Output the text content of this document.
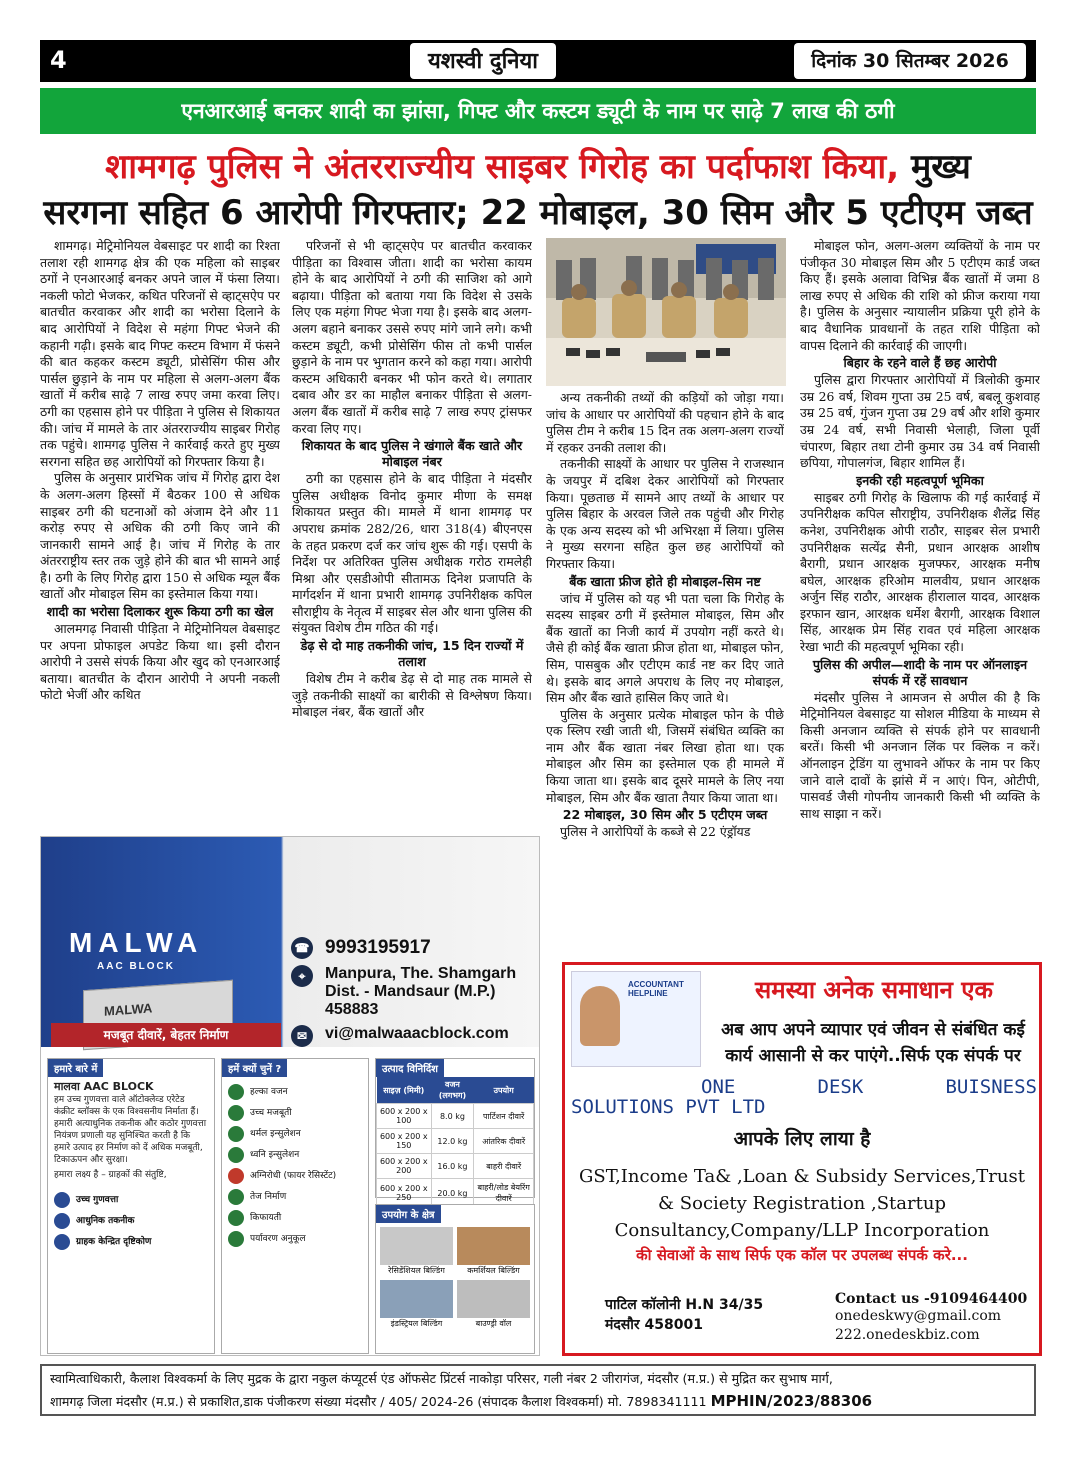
4	यशस्वी दुनिया	दिनांक 30 सितम्बर 2026
एनआरआई बनकर शादी का झांसा, गिफ्ट और कस्टम ड्यूटी के नाम पर साढ़े 7 लाख की ठगी
शामगढ़ पुलिस ने अंतरराज्यीय साइबर गिरोह का पर्दाफाश किया, मुख्य
सरगना सहित 6 आरोपी गिरफ्तार; 22 मोबाइल, 30 सिम और 5 एटीएम जब्त

शामगढ़। मेट्रिमोनियल वेबसाइट पर शादी का रिश्ता तलाश रही शामगढ़ क्षेत्र की एक महिला को साइबर ठगों ने एनआरआई बनकर अपने जाल में फंसा लिया। नकली फोटो भेजकर, कथित परिजनों से व्हाट्सऐप पर बातचीत करवाकर और शादी का भरोसा दिलाने के बाद आरोपियों ने विदेश से महंगा गिफ्ट भेजने की कहानी गढ़ी। इसके बाद गिफ्ट कस्टम विभाग में फंसने की बात कहकर कस्टम ड्यूटी, प्रोसेसिंग फीस और पार्सल छुड़ाने के नाम पर महिला से अलग-अलग बैंक खातों में करीब साढ़े 7 लाख रुपए जमा करवा लिए। ठगी का एहसास होने पर पीड़िता ने पुलिस से शिकायत की। जांच में मामले के तार अंतरराज्यीय साइबर गिरोह तक पहुंचे। शामगढ़ पुलिस ने कार्रवाई करते हुए मुख्य सरगना सहित छह आरोपियों को गिरफ्तार किया है।

पुलिस के अनुसार प्रारंभिक जांच में गिरोह द्वारा देश के अलग-अलग हिस्सों में बैठकर 100 से अधिक साइबर ठगी की घटनाओं को अंजाम देने और 11 करोड़ रुपए से अधिक की ठगी किए जाने की जानकारी सामने आई है। जांच में गिरोह के तार अंतरराष्ट्रीय स्तर तक जुड़े होने की बात भी सामने आई है। ठगी के लिए गिरोह द्वारा 150 से अधिक म्यूल बैंक खातों और मोबाइल सिम का इस्तेमाल किया गया।

शादी का भरोसा दिलाकर शुरू किया ठगी का खेल

आलमगढ़ निवासी पीड़िता ने मेट्रिमोनियल वेबसाइट पर अपना प्रोफाइल अपडेट किया था। इसी दौरान आरोपी ने उससे संपर्क किया और खुद को एनआरआई बताया। बातचीत के दौरान आरोपी ने अपनी नकली फोटो भेजीं और कथित

परिजनों से भी व्हाट्सऐप पर बातचीत करवाकर पीड़िता का विश्वास जीता। शादी का भरोसा कायम होने के बाद आरोपियों ने ठगी की साजिश को आगे बढ़ाया। पीड़िता को बताया गया कि विदेश से उसके लिए एक महंगा गिफ्ट भेजा गया है। इसके बाद अलग-अलग बहाने बनाकर उससे रुपए मांगे जाने लगे। कभी कस्टम ड्यूटी, कभी प्रोसेसिंग फीस तो कभी पार्सल छुड़ाने के नाम पर भुगतान करने को कहा गया। आरोपी कस्टम अधिकारी बनकर भी फोन करते थे। लगातार दबाव और डर का माहौल बनाकर पीड़िता से अलग-अलग बैंक खातों में करीब साढ़े 7 लाख रुपए ट्रांसफर करवा लिए गए।

शिकायत के बाद पुलिस ने खंगाले बैंक खाते और मोबाइल नंबर

ठगी का एहसास होने के बाद पीड़िता ने मंदसौर पुलिस अधीक्षक विनोद कुमार मीणा के समक्ष शिकायत प्रस्तुत की। मामले में थाना शामगढ़ पर अपराध क्रमांक 282/26, धारा 318(4) बीएनएस के तहत प्रकरण दर्ज कर जांच शुरू की गई। एसपी के निर्देश पर अतिरिक्त पुलिस अधीक्षक गरोठ रामलेही मिश्रा और एसडीओपी सीतामऊ दिनेश प्रजापति के मार्गदर्शन में थाना प्रभारी शामगढ़ उपनिरीक्षक कपिल सौराष्ट्रीय के नेतृत्व में साइबर सेल और थाना पुलिस की संयुक्त विशेष टीम गठित की गई।

डेढ़ से दो माह तकनीकी जांच, 15 दिन राज्यों में तलाश

विशेष टीम ने करीब डेढ़ से दो माह तक मामले से जुड़े तकनीकी साक्ष्यों का बारीकी से विश्लेषण किया। मोबाइल नंबर, बैंक खातों और

अन्य तकनीकी तथ्यों की कड़ियों को जोड़ा गया। जांच के आधार पर आरोपियों की पहचान होने के बाद पुलिस टीम ने करीब 15 दिन तक अलग-अलग राज्यों में रहकर उनकी तलाश की।

तकनीकी साक्ष्यों के आधार पर पुलिस ने राजस्थान के जयपुर में दबिश देकर आरोपियों को गिरफ्तार किया। पूछताछ में सामने आए तथ्यों के आधार पर पुलिस बिहार के अरवल जिले तक पहुंची और गिरोह के एक अन्य सदस्य को भी अभिरक्षा में लिया। पुलिस ने मुख्य सरगना सहित कुल छह आरोपियों को गिरफ्तार किया।

बैंक खाता फ्रीज होते ही मोबाइल-सिम नष्ट

जांच में पुलिस को यह भी पता चला कि गिरोह के सदस्य साइबर ठगी में इस्तेमाल मोबाइल, सिम और बैंक खातों का निजी कार्य में उपयोग नहीं करते थे। जैसे ही कोई बैंक खाता फ्रीज होता था, मोबाइल फोन, सिम, पासबुक और एटीएम कार्ड नष्ट कर दिए जाते थे। इसके बाद अगले अपराध के लिए नए मोबाइल, सिम और बैंक खाते हासिल किए जाते थे।

पुलिस के अनुसार प्रत्येक मोबाइल फोन के पीछे एक स्लिप रखी जाती थी, जिसमें संबंधित व्यक्ति का नाम और बैंक खाता नंबर लिखा होता था। एक मोबाइल और सिम का इस्तेमाल एक ही मामले में किया जाता था। इसके बाद दूसरे मामले के लिए नया मोबाइल, सिम और बैंक खाता तैयार किया जाता था।

22 मोबाइल, 30 सिम और 5 एटीएम जब्त

पुलिस ने आरोपियों के कब्जे से 22 एंड्रॉयड

मोबाइल फोन, अलग-अलग व्यक्तियों के नाम पर पंजीकृत 30 मोबाइल सिम और 5 एटीएम कार्ड जब्त किए हैं। इसके अलावा विभिन्न बैंक खातों में जमा 8 लाख रुपए से अधिक की राशि को फ्रीज कराया गया है। पुलिस के अनुसार न्यायालीन प्रक्रिया पूरी होने के बाद वैधानिक प्रावधानों के तहत राशि पीड़िता को वापस दिलाने की कार्रवाई की जाएगी।

बिहार के रहने वाले हैं छह आरोपी

पुलिस द्वारा गिरफ्तार आरोपियों में त्रिलोकी कुमार उम्र 26 वर्ष, शिवम गुप्ता उम्र 25 वर्ष, बबलू कुशवाह उम्र 25 वर्ष, गुंजन गुप्ता उम्र 29 वर्ष और शशि कुमार उम्र 24 वर्ष, सभी निवासी भेलाही, जिला पूर्वी चंपारण, बिहार तथा टोनी कुमार उम्र 34 वर्ष निवासी छपिया, गोपालगंज, बिहार शामिल हैं।

इनकी रही महत्वपूर्ण भूमिका

साइबर ठगी गिरोह के खिलाफ की गई कार्रवाई में उपनिरीक्षक कपिल सौराष्ट्रीय, उपनिरीक्षक शैलेंद्र सिंह कनेश, उपनिरीक्षक ओपी राठौर, साइबर सेल प्रभारी उपनिरीक्षक सत्येंद्र सैनी, प्रधान आरक्षक आशीष बैरागी, प्रधान आरक्षक मुजफ्फर, आरक्षक मनीष बघेल, आरक्षक हरिओम मालवीय, प्रधान आरक्षक अर्जुन सिंह राठौर, आरक्षक हीरालाल यादव, आरक्षक इरफान खान, आरक्षक धर्मेश बैरागी, आरक्षक विशाल सिंह, आरक्षक प्रेम सिंह रावत एवं महिला आरक्षक रेखा भाटी की महत्वपूर्ण भूमिका रही।

पुलिस की अपील—शादी के नाम पर ऑनलाइन संपर्क में रहें सावधान

मंदसौर पुलिस ने आमजन से अपील की है कि मेट्रिमोनियल वेबसाइट या सोशल मीडिया के माध्यम से किसी अनजान व्यक्ति से संपर्क होने पर सावधानी बरतें। किसी भी अनजान लिंक पर क्लिक न करें। ऑनलाइन ट्रेडिंग या लुभावने ऑफर के नाम पर किए जाने वाले दावों के झांसे में न आएं। पिन, ओटीपी, पासवर्ड जैसी गोपनीय जानकारी किसी भी व्यक्ति के साथ साझा न करें।

MALWA
AAC BLOCK
MALWA
मजबूत दीवारें, बेहतर निर्माण
☎ 9993195917
⌖	Manpura, The. Shamgarh
Dist. - Mandsaur (M.P.)
458883
✉	vi@malwaaacblock.com
हमारे बारे में
मालवा AAC BLOCK
हम उच्च गुणवत्ता वाले ऑटोक्लेव्ड एरेटेड कंक्रीट ब्लॉक्स के एक विश्वसनीय निर्माता हैं। हमारी अत्याधुनिक तकनीक और कठोर गुणवत्ता नियंत्रण प्रणाली यह सुनिश्चित करती है कि हमारे उत्पाद हर निर्माण को दें अधिक मजबूती, टिकाऊपन और सुरक्षा।
हमारा लक्ष्य है – ग्राहकों की संतुष्टि,
उच्च गुणवत्ता
आधुनिक तकनीक
ग्राहक केन्द्रित दृष्टिकोण
हमें क्यों चुनें ?
हल्का वजन
उच्च मजबूती
थर्मल इन्सुलेशन
ध्वनि इन्सुलेशन
अग्निरोधी (फायर रेसिस्टेंट)
तेज निर्माण
किफायती
पर्यावरण अनुकूल
उत्पाद विनिर्दिश
साइज़ (मिमी)	वजन (लगभग)	उपयोग
600 x 200 x 100	8.0 kg	पार्टिशन दीवारें
600 x 200 x 150	12.0 kg	आंतरिक दीवारें
600 x 200 x 200	16.0 kg	बाहरी दीवारें
600 x 200 x 250	20.0 kg	बाहरी/लोड बेयरिंग दीवारें
उपयोग के क्षेत्र
रेसिडेंशियल बिल्डिंग	कमर्शियल बिल्डिंग
इंडस्ट्रियल बिल्डिंग	बाउण्ड्री वॉल
ACCOUNTANT HELPLINE	समस्या अनेक समाधान एक
अब आप अपने व्यापार एवं जीवन से संबंधित कई कार्य आसानी से कर पाएंगे..सिर्फ एक संपर्क पर
ONE	DESK	BUISNESS
SOLUTIONS PVT LTD
आपके लिए लाया है
GST,Income Ta& ,Loan & Subsidy Services,Trust & Society Registration ,Startup Consultancy,Company/LLP Incorporation
की सेवाओं के साथ सिर्फ एक कॉल पर उपलब्ध संपर्क करे...
पाटिल कॉलोनी H.N 34/35
मंदसौर 458001
Contact us -9109464400
onedeskwy@gmail.com
222.onedeskbiz.com
स्वामित्वाधिकारी, कैलाश विश्वकर्मा के लिए मुद्रक के द्वारा नकुल कंप्यूटर्स एंड ऑफसेट प्रिंटर्स नाकोड़ा परिसर, गली नंबर 2 जीरागंज, मंदसौर (म.प्र.) से मुद्रित कर सुभाष मार्ग,
शामगढ़ जिला मंदसौर (म.प्र.) से प्रकाशित,डाक पंजीकरण संख्या मंदसौर / 405/ 2024-26 (संपादक कैलाश विश्वकर्मा) मो. 7898341111 MPHIN/2023/88306
